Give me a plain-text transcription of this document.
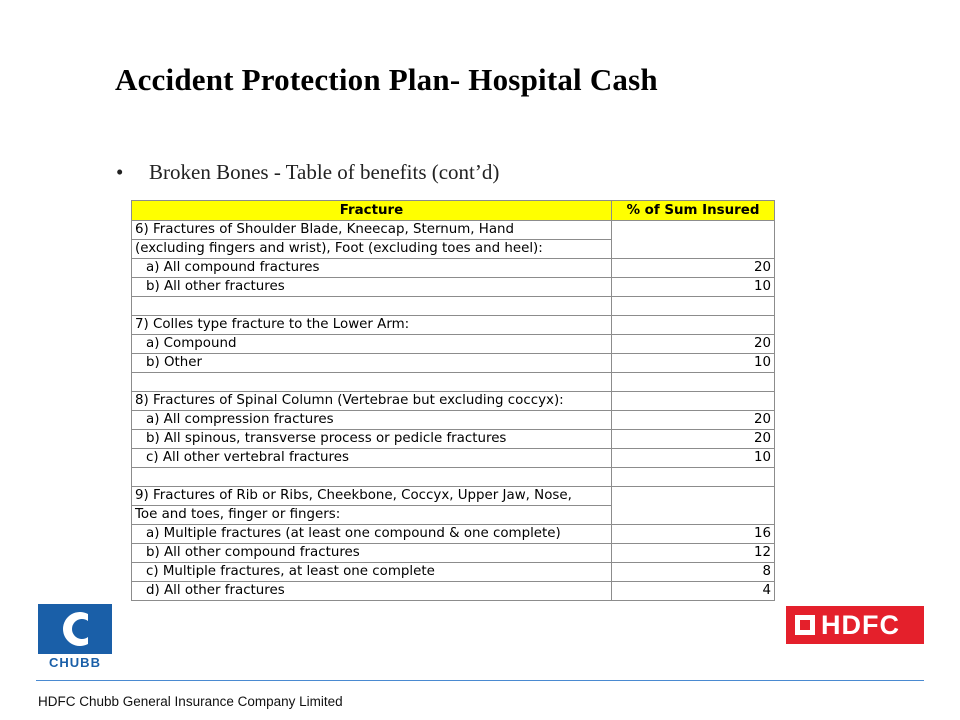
Accident Protection Plan- Hospital Cash
• Broken Bones - Table of benefits (cont’d)
Fracture	% of Sum Insured
6) Fractures of Shoulder Blade, Kneecap, Sternum, Hand	
(excluding fingers and wrist), Foot (excluding toes and heel):	
a) All compound fractures	20
b) All other fractures	10

7) Colles type fracture to the Lower Arm:	
a) Compound	20
b) Other	10

8) Fractures of Spinal Column (Vertebrae but excluding coccyx):	
a) All compression fractures	20
b) All spinous, transverse process or pedicle fractures	20
c) All other vertebral fractures	10

9) Fractures of Rib or Ribs, Cheekbone, Coccyx, Upper Jaw, Nose,	
Toe and toes, finger or fingers:	
a) Multiple fractures (at least one compound & one complete)	16
b) All other compound fractures	12
c) Multiple fractures, at least one complete	8
d) All other fractures	4
CHUBB
HDFC
HDFC Chubb General Insurance Company Limited
